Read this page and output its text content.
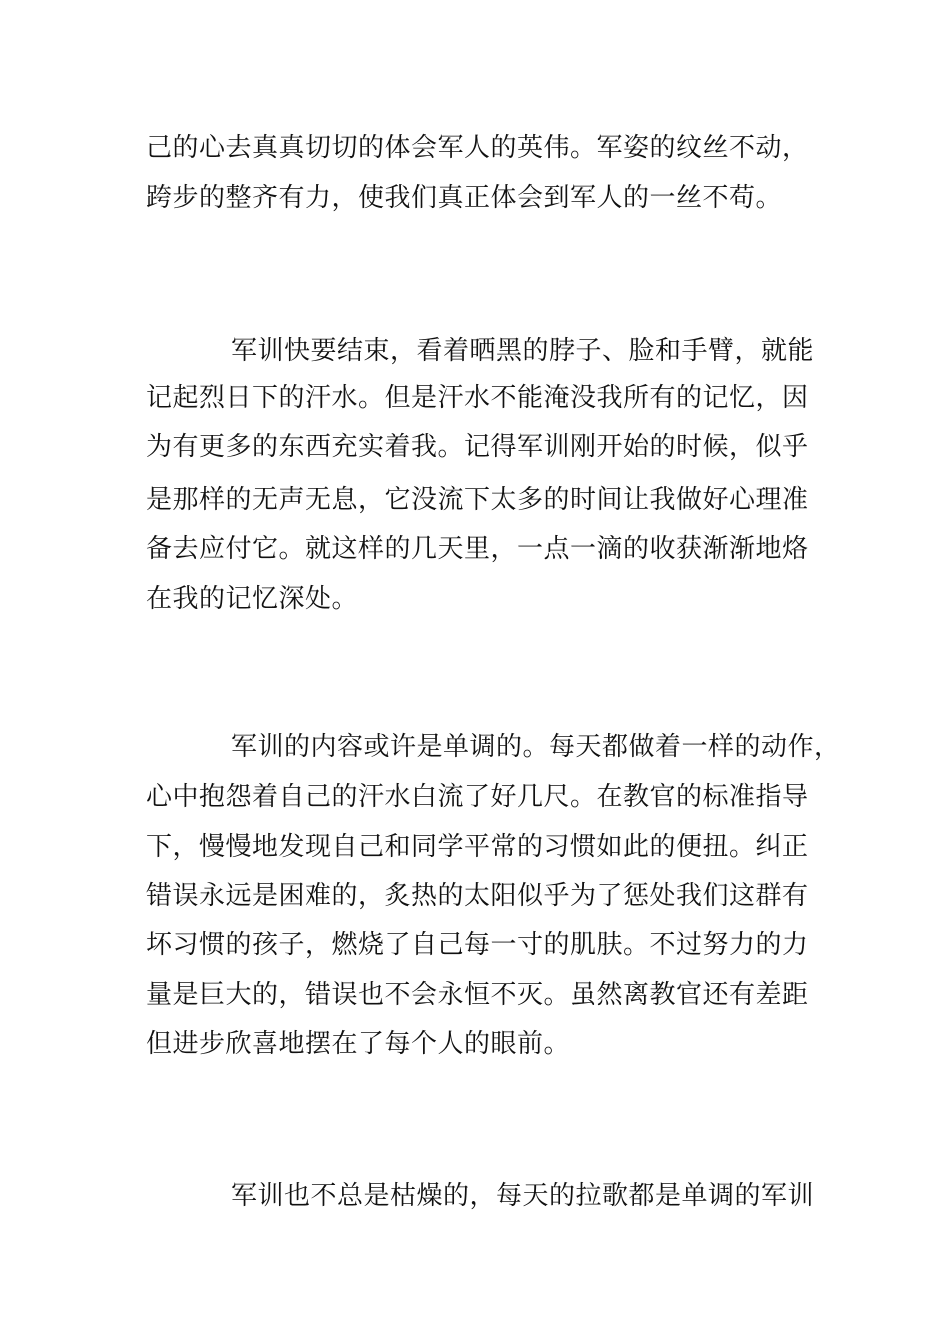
己的心去真真切切的体会军人的英伟。军姿的纹丝不动，
跨步的整齐有力，使我们真正体会到军人的一丝不苟。
军训快要结束，看着晒黑的脖子、脸和手臂，就能
记起烈日下的汗水。但是汗水不能淹没我所有的记忆，因
为有更多的东西充实着我。记得军训刚开始的时候，似乎
是那样的无声无息，它没流下太多的时间让我做好心理准
备去应付它。就这样的几天里，一点一滴的收获渐渐地烙
在我的记忆深处。
军训的内容或许是单调的。每天都做着一样的动作，
心中抱怨着自己的汗水白流了好几尺。在教官的标准指导
下，慢慢地发现自己和同学平常的习惯如此的便扭。纠正
错误永远是困难的，炙热的太阳似乎为了惩处我们这群有
坏习惯的孩子，燃烧了自己每一寸的肌肤。不过努力的力
量是巨大的，错误也不会永恒不灭。虽然离教官还有差距
但进步欣喜地摆在了每个人的眼前。
军训也不总是枯燥的，每天的拉歌都是单调的军训
